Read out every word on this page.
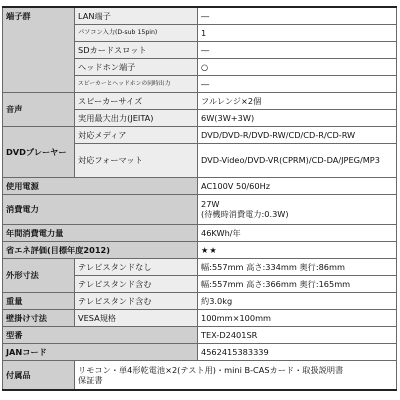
端子群	LAN端子	―
	パソコン入力(D-sub 15pin)	1
	SDカードスロット	―
	ヘッドホン端子	○
	スピーカーとヘッドホンの同時出力	―
音声	スピーカーサイズ	フルレンジ×2個
	実用最大出力(JEITA)	6W(3W+3W)
DVDプレーヤー	対応メディア	DVD/DVD-R/DVD-RW/CD/CD-R/CD-RW
	対応フォーマット	DVD-Video/DVD-VR(CPRM)/CD-DA/JPEG/MP3
使用電源		AC100V 50/60Hz
消費電力		27W
(待機時消費電力:0.3W)

年間消費電力量		46KWh/年
省エネ評価(目標年度2012)		★★
外形寸法	テレビスタンドなし	幅:557mm 高さ:334mm 奥行:86mm
	テレビスタンド含む	幅:557mm 高さ:366mm 奥行:165mm
重量	テレビスタンド含む	約3.0kg
壁掛け寸法	VESA規格	100mm×100mm
型番		TEX-D2401SR
JANコード		4562415383339
付属品	リモコン・単4形乾電池×2(テスト用)・mini B-CASカード・取扱説明書
保証書	
